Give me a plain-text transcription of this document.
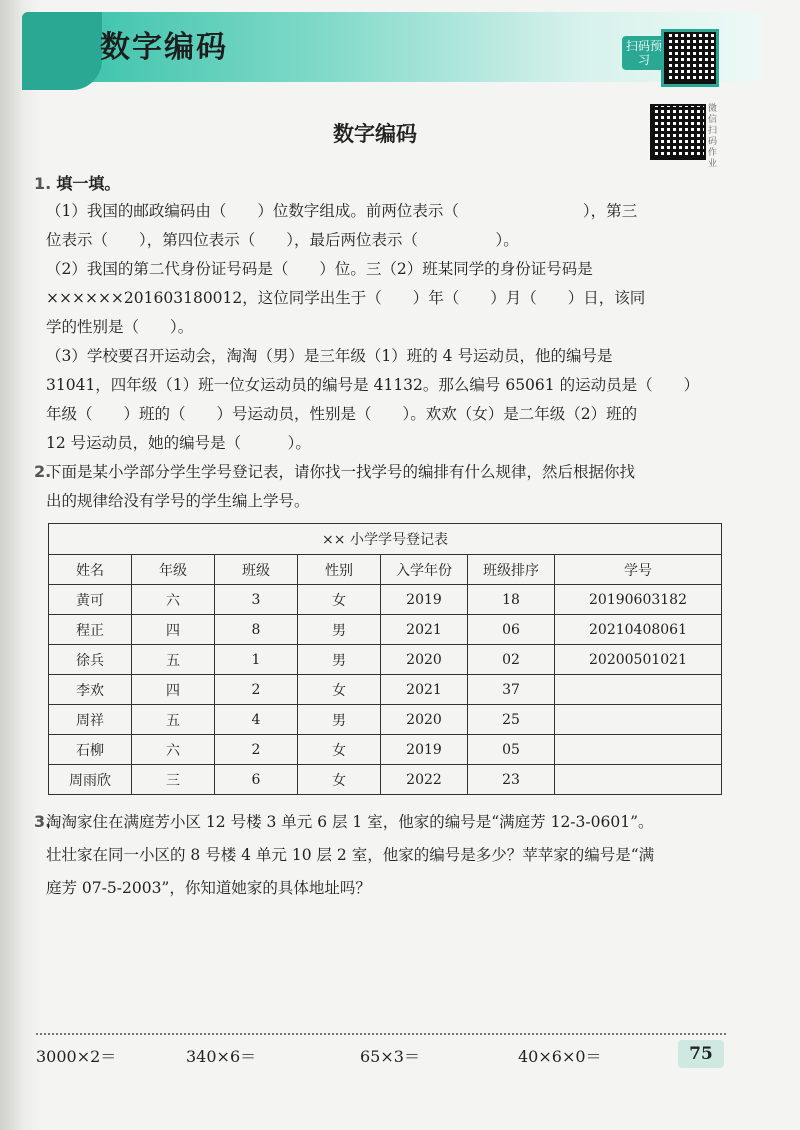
数字编码	扫码预习
微信扫码作业
数字编码
1. 填一填。
（1）我国的邮政编码由（　　）位数字组成。前两位表示（　　　　　　　　），第三
位表示（　　），第四位表示（　　），最后两位表示（　　　　　）。
（2）我国的第二代身份证号码是（　　）位。三（2）班某同学的身份证号码是
××××××201603180012，这位同学出生于（　　）年（　　）月（　　）日，该同
学的性别是（　　）。
（3）学校要召开运动会，淘淘（男）是三年级（1）班的 4 号运动员，他的编号是
31041，四年级（1）班一位女运动员的编号是 41132。那么编号 65061 的运动员是（　　）
年级（　　）班的（　　）号运动员，性别是（　　）。欢欢（女）是二年级（2）班的
12 号运动员，她的编号是（　　　）。
2.
下面是某小学部分学生学号登记表，请你找一找学号的编排有什么规律，然后根据你找
出的规律给没有学号的学生编上学号。
×× 小学学号登记表						
姓名	年级	班级	性别	入学年份	班级排序	学号
黄可	六	3	女	2019	18	20190603182
程正	四	8	男	2021	06	20210408061
徐兵	五	1	男	2020	02	20200501021
李欢	四	2	女	2021	37	
周祥	五	4	男	2020	25	
石柳	六	2	女	2019	05	
周雨欣	三	6	女	2022	23	
3.
淘淘家住在满庭芳小区 12 号楼 3 单元 6 层 1 室，他家的编号是“满庭芳 12-3-0601”。
壮壮家在同一小区的 8 号楼 4 单元 10 层 2 室，他家的编号是多少？苹苹家的编号是“满
庭芳 07-5-2003”，你知道她家的具体地址吗？
3000×2＝	340×6＝	65×3＝	40×6×0＝	75
